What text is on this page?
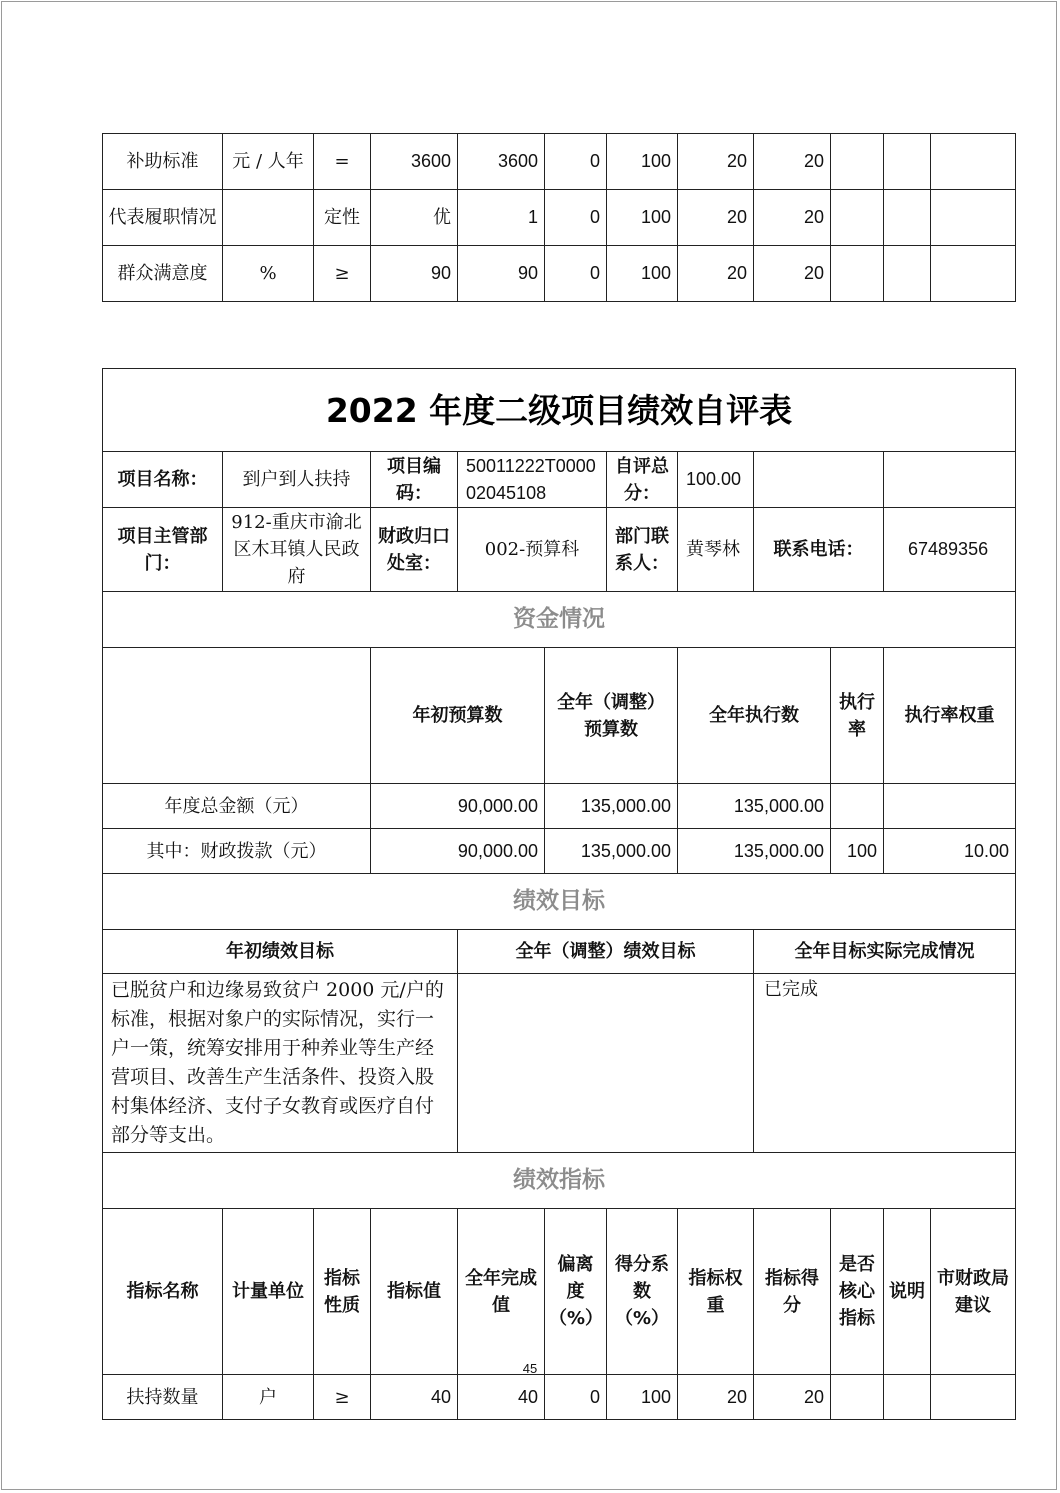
补助标准	元 / 人年	=	3600	3600	0	100	20	20			
代表履职情况		定性	优	1	0	100	20	20			
群众满意度	%	≥	90	90	0	100	20	20			
2022 年度二级项目绩效自评表												
项目名称：	到户到人扶持		项目编码：	50011222T000002045108		自评总分：	100.00					
项目主管部门：	912-重庆市渝北区木耳镇人民政府		财政归口处室：	002-预算科		部门联系人：	黄琴林	联系电话：		67489356		
资金情况												
			年初预算数		全年（调整）预算数		全年执行数		执行率	执行率权重	
年度总金额（元）			90,000.00		135,000.00		135,000.00					
其中：财政拨款（元）			90,000.00		135,000.00		135,000.00		100	10.00	
绩效目标												
年初绩效目标				全年（调整）绩效目标				全年目标实际完成情况				
已脱贫户和边缘易致贫户 2000 元/户的标准，根据对象户的实际情况，实行一户一策，统筹安排用于种养业等生产经营项目、改善生产生活条件、投资入股村集体经济、支付子女教育或医疗自付部分等支出。								已完成				
绩效指标												
指标名称	计量单位	指标性质	指标值	全年完成值	偏离度（%）	得分系数（%）	指标权重	指标得分	是否核心指标	说明	市财政局建议	
扶持数量	户	≥	40	40	0	100	20	20				
45
